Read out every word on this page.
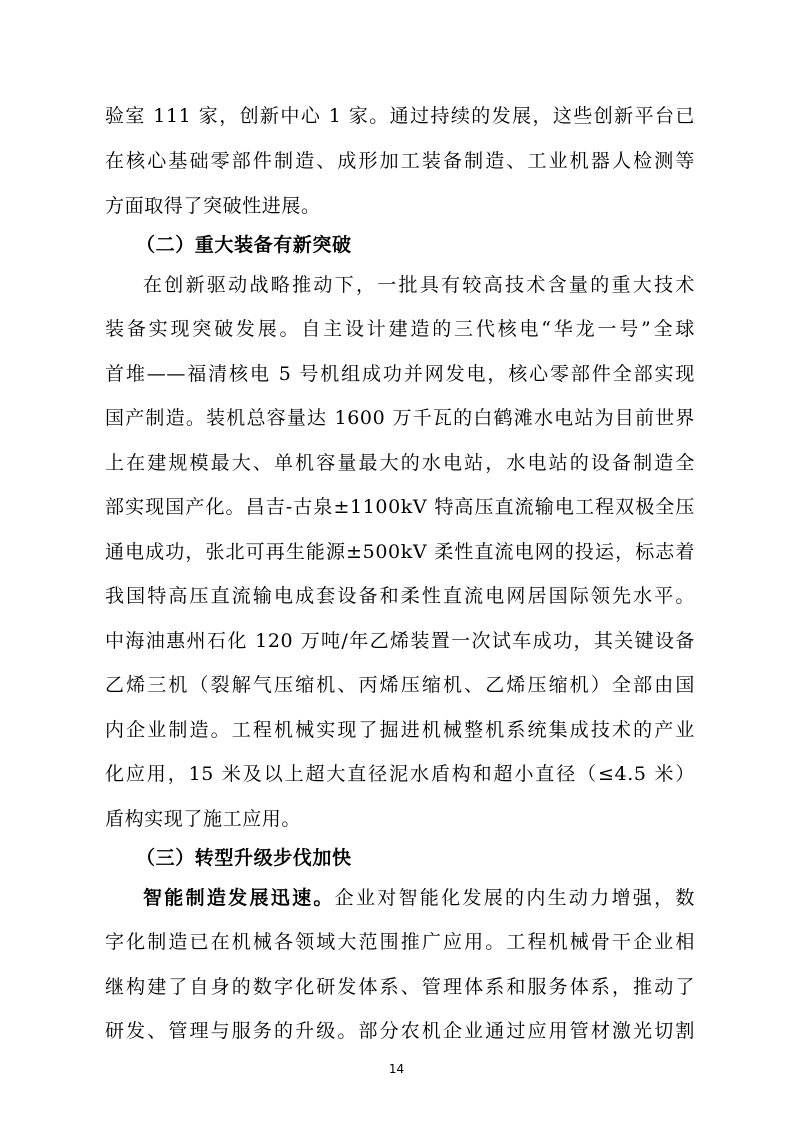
验室 111 家，创新中心 1 家。通过持续的发展，这些创新平台已
在核心基础零部件制造、成形加工装备制造、工业机器人检测等
方面取得了突破性进展。
（二）重大装备有新突破
在创新驱动战略推动下，一批具有较高技术含量的重大技术
装备实现突破发展。自主设计建造的三代核电“华龙一号”全球
首堆——福清核电 5 号机组成功并网发电，核心零部件全部实现
国产制造。装机总容量达 1600 万千瓦的白鹤滩水电站为目前世界
上在建规模最大、单机容量最大的水电站，水电站的设备制造全
部实现国产化。昌吉-古泉±1100kV 特高压直流输电工程双极全压
通电成功，张北可再生能源±500kV 柔性直流电网的投运，标志着
我国特高压直流输电成套设备和柔性直流电网居国际领先水平。
中海油惠州石化 120 万吨/年乙烯装置一次试车成功，其关键设备
乙烯三机（裂解气压缩机、丙烯压缩机、乙烯压缩机）全部由国
内企业制造。工程机械实现了掘进机械整机系统集成技术的产业
化应用，15 米及以上超大直径泥水盾构和超小直径（≤4.5 米）
盾构实现了施工应用。
（三）转型升级步伐加快
智能制造发展迅速。企业对智能化发展的内生动力增强，数
字化制造已在机械各领域大范围推广应用。工程机械骨干企业相
继构建了自身的数字化研发体系、管理体系和服务体系，推动了
研发、管理与服务的升级。部分农机企业通过应用管材激光切割
14
